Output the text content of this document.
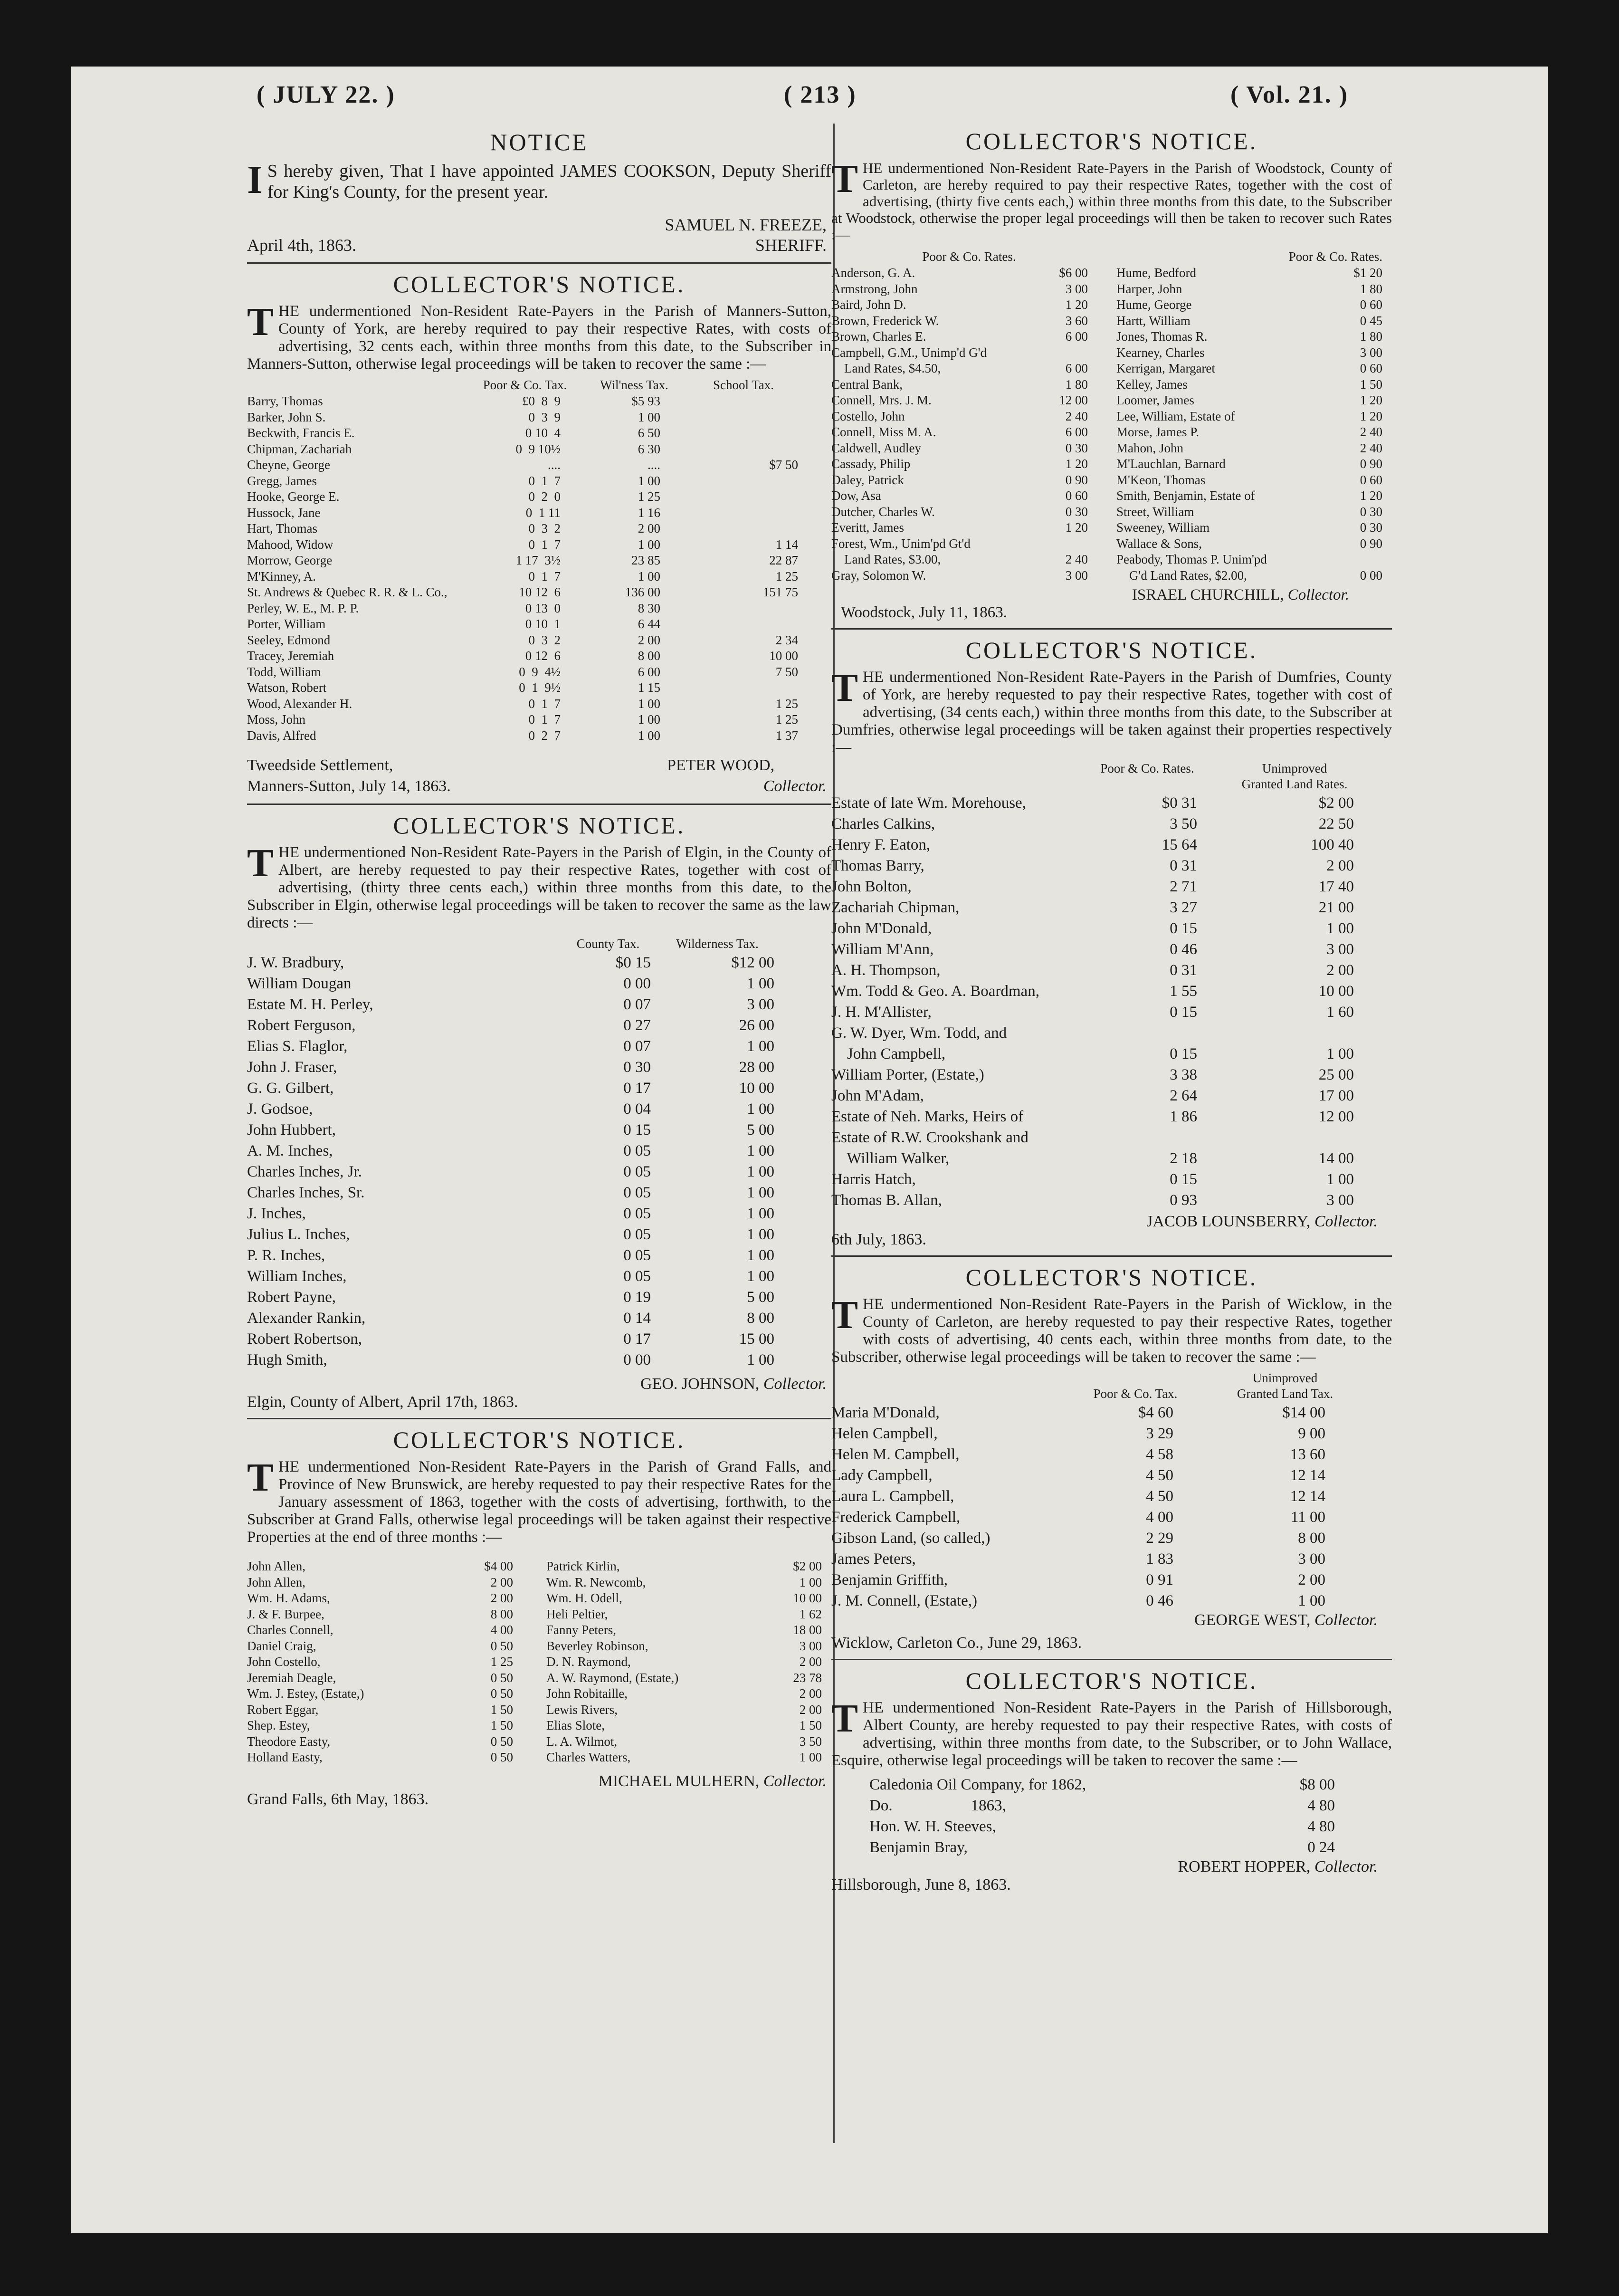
( JULY 22. )	( 213 )	( Vol. 21. )
NOTICE
I S hereby given, That I have appointed JAMES COOKSON, Deputy Sheriff for King's County, for the present year.
SAMUEL N. FREEZE,
April 4th, 1863.	SHERIFF.
COLLECTOR'S NOTICE.
THE undermentioned Non-Resident Rate-Payers in the Parish of Manners-Sutton, County of York, are hereby required to pay their respective Rates, with costs of advertising, 32 cents each, within three months from this date, to the Subscriber in Manners-Sutton, otherwise legal proceedings will be taken to recover the same :—
Poor & Co. Tax.	Wil'ness Tax.	School Tax.
Barry, Thomas	£0  8  9	$5 93
Barker, John S.	0  3  9	1 00
Beckwith, Francis E.	0 10  4	6 50
Chipman, Zachariah	0  9 10½	6 30
Cheyne, George	....	....	$7 50
Gregg, James	0  1  7	1 00
Hooke, George E.	0  2  0	1 25
Hussock, Jane	0  1 11	1 16
Hart, Thomas	0  3  2	2 00
Mahood, Widow	0  1  7	1 00	1 14
Morrow, George	1 17  3½	23 85	22 87
M'Kinney, A.	0  1  7	1 00	1 25
St. Andrews & Quebec R. R. & L. Co.,	10 12  6	136 00	151 75
Perley, W. E., M. P. P.	0 13  0	8 30
Porter, William	0 10  1	6 44
Seeley, Edmond	0  3  2	2 00	2 34
Tracey, Jeremiah	0 12  6	8 00	10 00
Todd, William	0  9  4½	6 00	7 50
Watson, Robert	0  1  9½	1 15
Wood, Alexander H.	0  1  7	1 00	1 25
Moss, John	0  1  7	1 00	1 25
Davis, Alfred	0  2  7	1 00	1 37
Tweedside Settlement,	PETER WOOD,
Manners-Sutton, July 14, 1863.	Collector.
COLLECTOR'S NOTICE.
THE undermentioned Non-Resident Rate-Payers in the Parish of Elgin, in the County of Albert, are hereby requested to pay their respective Rates, together with cost of advertising, (thirty three cents each,) within three months from this date, to the Subscriber in Elgin, otherwise legal proceedings will be taken to recover the same as the law directs :—
County Tax.	Wilderness Tax.
J. W. Bradbury,	$0 15	$12 00
William Dougan	0 00	1 00
Estate M. H. Perley,	0 07	3 00
Robert Ferguson,	0 27	26 00
Elias S. Flaglor,	0 07	1 00
John J. Fraser,	0 30	28 00
G. G. Gilbert,	0 17	10 00
J. Godsoe,	0 04	1 00
John Hubbert,	0 15	5 00
A. M. Inches,	0 05	1 00
Charles Inches, Jr.	0 05	1 00
Charles Inches, Sr.	0 05	1 00
J. Inches,	0 05	1 00
Julius L. Inches,	0 05	1 00
P. R. Inches,	0 05	1 00
William Inches,	0 05	1 00
Robert Payne,	0 19	5 00
Alexander Rankin,	0 14	8 00
Robert Robertson,	0 17	15 00
Hugh Smith,	0 00	1 00
GEO. JOHNSON, Collector.
Elgin, County of Albert, April 17th, 1863.
COLLECTOR'S NOTICE.
THE undermentioned Non-Resident Rate-Payers in the Parish of Grand Falls, and Province of New Brunswick, are hereby requested to pay their respective Rates for the January assessment of 1863, together with the costs of advertising, forthwith, to the Subscriber at Grand Falls, otherwise legal proceedings will be taken against their respective Properties at the end of three months :—
John Allen,	$4 00
John Allen,	2 00
Wm. H. Adams,	2 00
J. & F. Burpee,	8 00
Charles Connell,	4 00
Daniel Craig,	0 50
John Costello,	1 25
Jeremiah Deagle,	0 50
Wm. J. Estey, (Estate,)	0 50
Robert Eggar,	1 50
Shep. Estey,	1 50
Theodore Easty,	0 50
Holland Easty,	0 50
Patrick Kirlin,	$2 00
Wm. R. Newcomb,	1 00
Wm. H. Odell,	10 00
Heli Peltier,	1 62
Fanny Peters,	18 00
Beverley Robinson,	3 00
D. N. Raymond,	2 00
A. W. Raymond, (Estate,)	23 78
John Robitaille,	2 00
Lewis Rivers,	2 00
Elias Slote,	1 50
L. A. Wilmot,	3 50
Charles Watters,	1 00
MICHAEL MULHERN, Collector.
Grand Falls, 6th May, 1863.
COLLECTOR'S NOTICE.
THE undermentioned Non-Resident Rate-Payers in the Parish of Woodstock, County of Carleton, are hereby required to pay their respective Rates, together with the cost of advertising, (thirty five cents each,) within three months from this date, to the Subscriber at Woodstock, otherwise the proper legal proceedings will then be taken to recover such Rates :—
Poor & Co. Rates.
Anderson, G. A.	$6 00
Armstrong, John	3 00
Baird, John D.	1 20
Brown, Frederick W.	3 60
Brown, Charles E.	6 00
Campbell, G.M., Unimp'd G'd
Land Rates, $4.50,	6 00
Central Bank,	1 80
Connell, Mrs. J. M.	12 00
Costello, John	2 40
Connell, Miss M. A.	6 00
Caldwell, Audley	0 30
Cassady, Philip	1 20
Daley, Patrick	0 90
Dow, Asa	0 60
Dutcher, Charles W.	0 30
Everitt, James	1 20
Forest, Wm., Unim'pd Gt'd
Land Rates, $3.00,	2 40
Gray, Solomon W.	3 00
Poor & Co. Rates.
Hume, Bedford	$1 20
Harper, John	1 80
Hume, George	0 60
Hartt, William	0 45
Jones, Thomas R.	1 80
Kearney, Charles	3 00
Kerrigan, Margaret	0 60
Kelley, James	1 50
Loomer, James	1 20
Lee, William, Estate of	1 20
Morse, James P.	2 40
Mahon, John	2 40
M'Lauchlan, Barnard	0 90
M'Keon, Thomas	0 60
Smith, Benjamin, Estate of	1 20
Street, William	0 30
Sweeney, William	0 30
Wallace & Sons,	0 90
Peabody, Thomas P. Unim'pd
G'd Land Rates, $2.00,	0 00
ISRAEL CHURCHILL, Collector.
Woodstock, July 11, 1863.
COLLECTOR'S NOTICE.
THE undermentioned Non-Resident Rate-Payers in the Parish of Dumfries, County of York, are hereby requested to pay their respective Rates, together with cost of advertising, (34 cents each,) within three months from this date, to the Subscriber at Dumfries, otherwise legal proceedings will be taken against their properties respectively :—
Poor & Co. Rates.	Unimproved
Granted Land Rates.
Estate of late Wm. Morehouse,	$0 31	$2 00
Charles Calkins,	3 50	22 50
Henry F. Eaton,	15 64	100 40
Thomas Barry,	0 31	2 00
John Bolton,	2 71	17 40
Zachariah Chipman,	3 27	21 00
John M'Donald,	0 15	1 00
William M'Ann,	0 46	3 00
A. H. Thompson,	0 31	2 00
Wm. Todd & Geo. A. Boardman,	1 55	10 00
J. H. M'Allister,	0 15	1 60
G. W. Dyer, Wm. Todd, and
John Campbell,	0 15	1 00
William Porter, (Estate,)	3 38	25 00
John M'Adam,	2 64	17 00
Estate of Neh. Marks, Heirs of	1 86	12 00
Estate of R.W. Crookshank and
William Walker,	2 18	14 00
Harris Hatch,	0 15	1 00
Thomas B. Allan,	0 93	3 00
JACOB LOUNSBERRY, Collector.
6th July, 1863.
COLLECTOR'S NOTICE.
THE undermentioned Non-Resident Rate-Payers in the Parish of Wicklow, in the County of Carleton, are hereby requested to pay their respective Rates, together with costs of advertising, 40 cents each, within three months from date, to the Subscriber, otherwise legal proceedings will be taken to recover the same :—
Unimproved
Poor & Co. Tax.	Granted Land Tax.
Maria M'Donald,	$4 60	$14 00
Helen Campbell,	3 29	9 00
Helen M. Campbell,	4 58	13 60
Lady Campbell,	4 50	12 14
Laura L. Campbell,	4 50	12 14
Frederick Campbell,	4 00	11 00
Gibson Land, (so called,)	2 29	8 00
James Peters,	1 83	3 00
Benjamin Griffith,	0 91	2 00
J. M. Connell, (Estate,)	0 46	1 00
GEORGE WEST, Collector.
Wicklow, Carleton Co., June 29, 1863.
COLLECTOR'S NOTICE.
THE undermentioned Non-Resident Rate-Payers in the Parish of Hillsborough, Albert County, are hereby requested to pay their respective Rates, with costs of advertising, within three months from date, to the Subscriber, or to John Wallace, Esquire, otherwise legal proceedings will be taken to recover the same :—
Caledonia Oil Company, for 1862,	$8 00
Do.                    1863,	4 80
Hon. W. H. Steeves,	4 80
Benjamin Bray,	0 24
ROBERT HOPPER, Collector.
Hillsborough, June 8, 1863.
